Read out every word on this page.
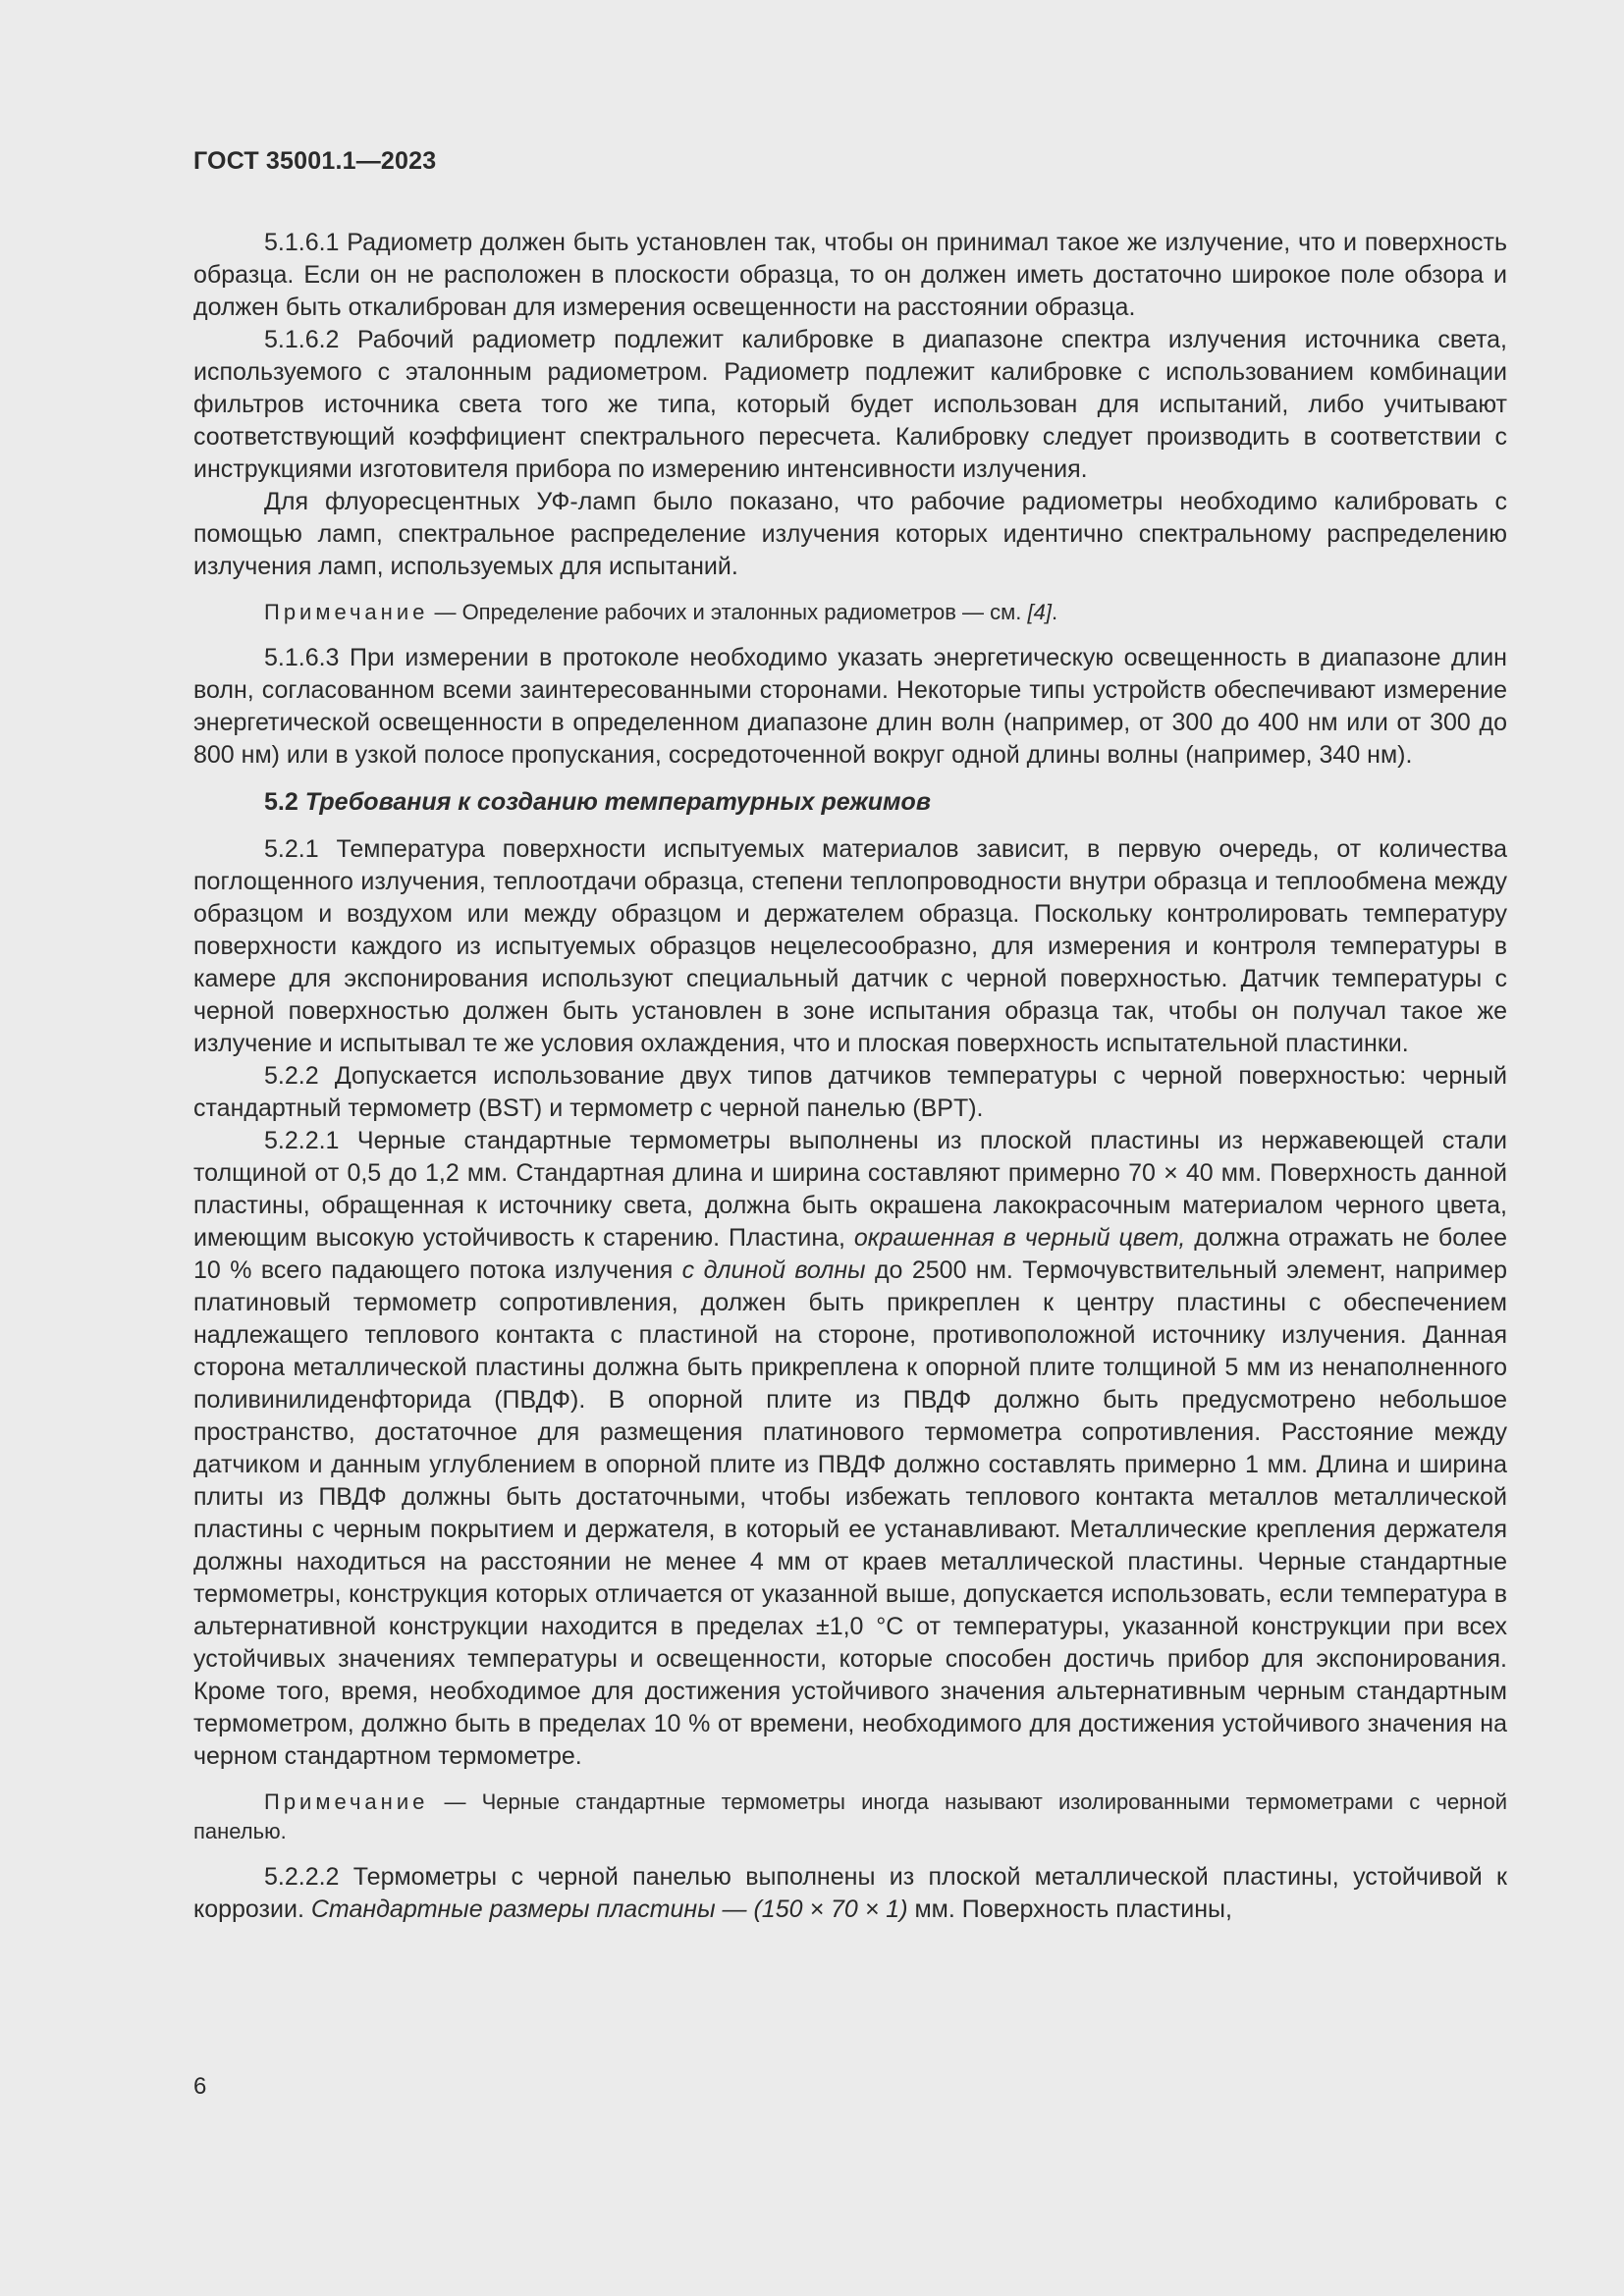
ГОСТ 35001.1—2023

5.1.6.1 Радиометр должен быть установлен так, чтобы он принимал такое же излучение, что и поверхность образца. Если он не расположен в плоскости образца, то он должен иметь достаточно широкое поле обзора и должен быть откалиброван для измерения освещенности на расстоянии образца.

5.1.6.2 Рабочий радиометр подлежит калибровке в диапазоне спектра излучения источника света, используемого с эталонным радиометром. Радиометр подлежит калибровке с использованием комбинации фильтров источника света того же типа, который будет использован для испытаний, либо учитывают соответствующий коэффициент спектрального пересчета. Калибровку следует производить в соответствии с инструкциями изготовителя прибора по измерению интенсивности излучения.

Для флуоресцентных УФ-ламп было показано, что рабочие радиометры необходимо калибровать с помощью ламп, спектральное распределение излучения которых идентично спектральному распределению излучения ламп, используемых для испытаний.

Примечание — Определение рабочих и эталонных радиометров — см. [4].

5.1.6.3 При измерении в протоколе необходимо указать энергетическую освещенность в диапазоне длин волн, согласованном всеми заинтересованными сторонами. Некоторые типы устройств обеспечивают измерение энергетической освещенности в определенном диапазоне длин волн (например, от 300 до 400 нм или от 300 до 800 нм) или в узкой полосе пропускания, сосредоточенной вокруг одной длины волны (например, 340 нм).

5.2 Требования к созданию температурных режимов

5.2.1 Температура поверхности испытуемых материалов зависит, в первую очередь, от количества поглощенного излучения, теплоотдачи образца, степени теплопроводности внутри образца и теплообмена между образцом и воздухом или между образцом и держателем образца. Поскольку контролировать температуру поверхности каждого из испытуемых образцов нецелесообразно, для измерения и контроля температуры в камере для экспонирования используют специальный датчик с черной поверхностью. Датчик температуры с черной поверхностью должен быть установлен в зоне испытания образца так, чтобы он получал такое же излучение и испытывал те же условия охлаждения, что и плоская поверхность испытательной пластинки.

5.2.2 Допускается использование двух типов датчиков температуры с черной поверхностью: черный стандартный термометр (BST) и термометр с черной панелью (BPT).

5.2.2.1 Черные стандартные термометры выполнены из плоской пластины из нержавеющей стали толщиной от 0,5 до 1,2 мм. Стандартная длина и ширина составляют примерно 70 × 40 мм. Поверхность данной пластины, обращенная к источнику света, должна быть окрашена лакокрасочным материалом черного цвета, имеющим высокую устойчивость к старению. Пластина, окрашенная в черный цвет, должна отражать не более 10 % всего падающего потока излучения с длиной волны до 2500 нм. Термочувствительный элемент, например платиновый термометр сопротивления, должен быть прикреплен к центру пластины с обеспечением надлежащего теплового контакта с пластиной на стороне, противоположной источнику излучения. Данная сторона металлической пластины должна быть прикреплена к опорной плите толщиной 5 мм из ненаполненного поливинилиденфторида (ПВДФ). В опорной плите из ПВДФ должно быть предусмотрено небольшое пространство, достаточное для размещения платинового термометра сопротивления. Расстояние между датчиком и данным углублением в опорной плите из ПВДФ должно составлять примерно 1 мм. Длина и ширина плиты из ПВДФ должны быть достаточными, чтобы избежать теплового контакта металлов металлической пластины с черным покрытием и держателя, в который ее устанавливают. Металлические крепления держателя должны находиться на расстоянии не менее 4 мм от краев металлической пластины. Черные стандартные термометры, конструкция которых отличается от указанной выше, допускается использовать, если температура в альтернативной конструкции находится в пределах ±1,0 °С от температуры, указанной конструкции при всех устойчивых значениях температуры и освещенности, которые способен достичь прибор для экспонирования. Кроме того, время, необходимое для достижения устойчивого значения альтернативным черным стандартным термометром, должно быть в пределах 10 % от времени, необходимого для достижения устойчивого значения на черном стандартном термометре.

Примечание — Черные стандартные термометры иногда называют изолированными термометрами с черной панелью.

5.2.2.2 Термометры с черной панелью выполнены из плоской металлической пластины, устойчивой к коррозии. Стандартные размеры пластины — (150 × 70 × 1) мм. Поверхность пластины,

6
